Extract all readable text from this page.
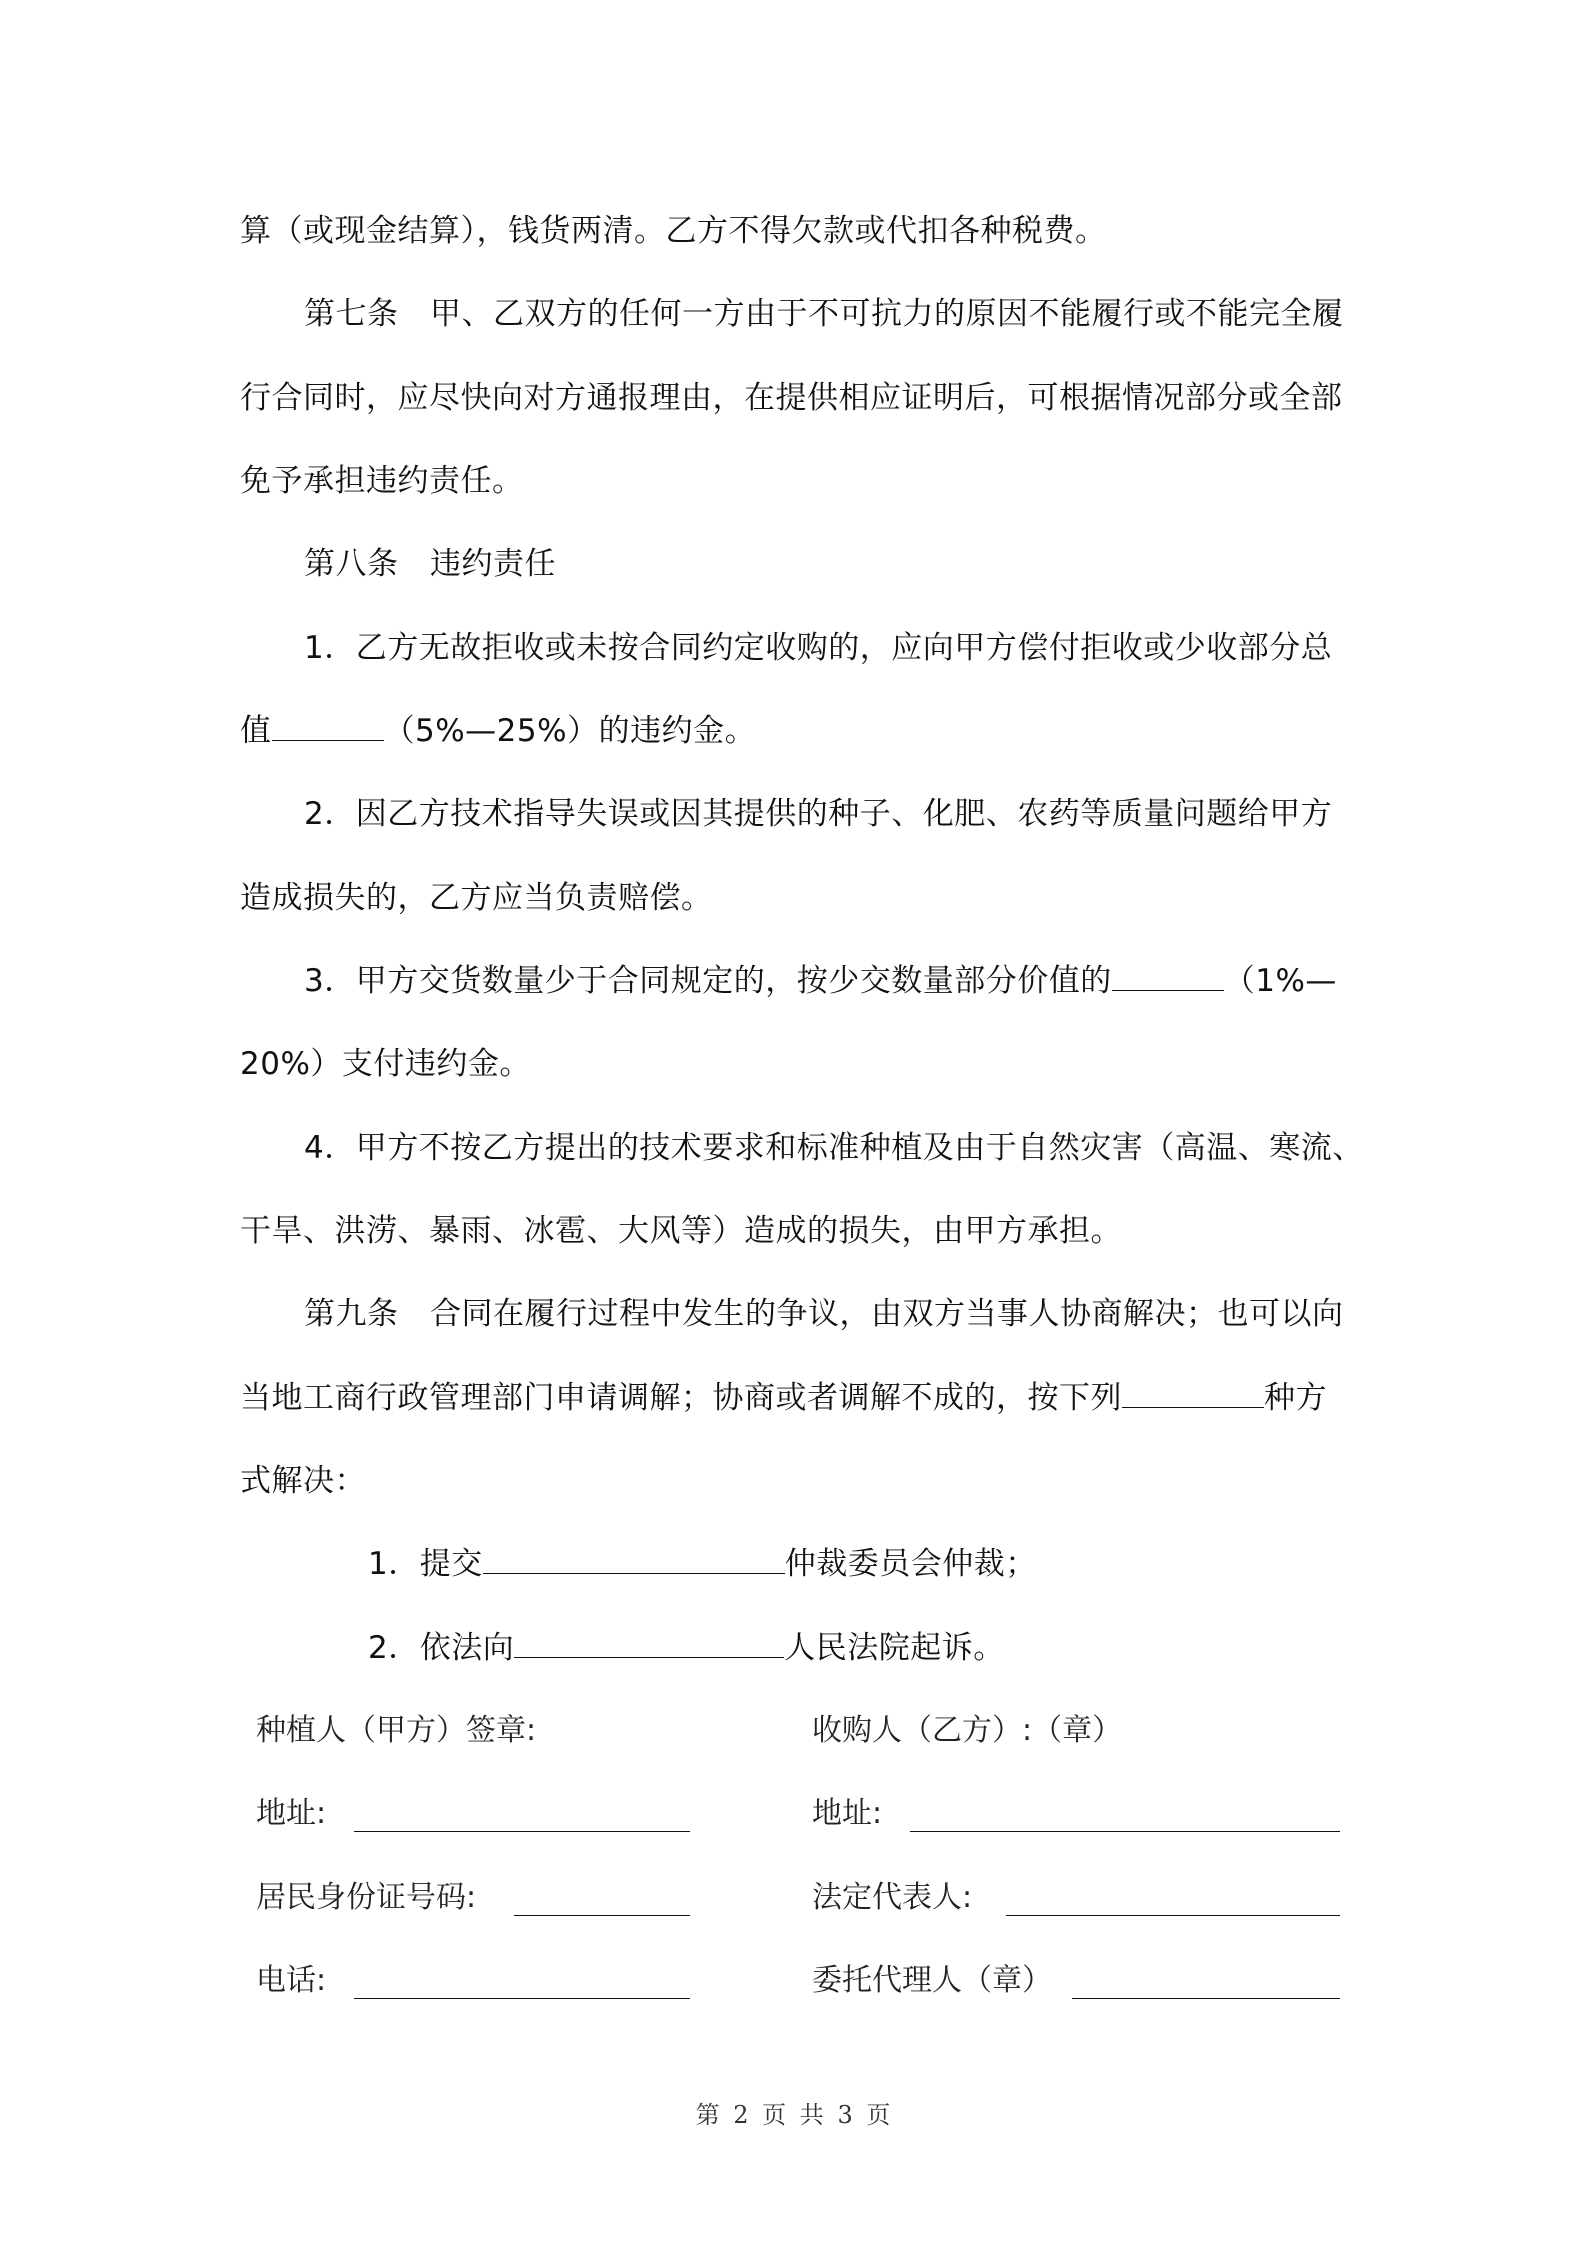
算（或现金结算），钱货两清。乙方不得欠款或代扣各种税费。
第七条　甲、乙双方的任何一方由于不可抗力的原因不能履行或不能完全履
行合同时，应尽快向对方通报理由，在提供相应证明后，可根据情况部分或全部
免予承担违约责任。
第八条　违约责任
1．乙方无故拒收或未按合同约定收购的，应向甲方偿付拒收或少收部分总
值	（5%—25%）的违约金。
2．因乙方技术指导失误或因其提供的种子、化肥、农药等质量问题给甲方
造成损失的，乙方应当负责赔偿。
3．甲方交货数量少于合同规定的，按少交数量部分价值的	（1%—
20%）支付违约金。
4．甲方不按乙方提出的技术要求和标准种植及由于自然灾害（高温、寒流、
干旱、洪涝、暴雨、冰雹、大风等）造成的损失，由甲方承担。
第九条　合同在履行过程中发生的争议，由双方当事人协商解决；也可以向
当地工商行政管理部门申请调解；协商或者调解不成的，按下列	种方
式解决：
1．提交	仲裁委员会仲裁；
2．依法向	人民法院起诉。
种植人（甲方）签章:	收购人（乙方）:（章）
地址:	地址:
居民身份证号码:	法定代表人:
电话:	委托代理人（章）
第 2 页 共 3 页
